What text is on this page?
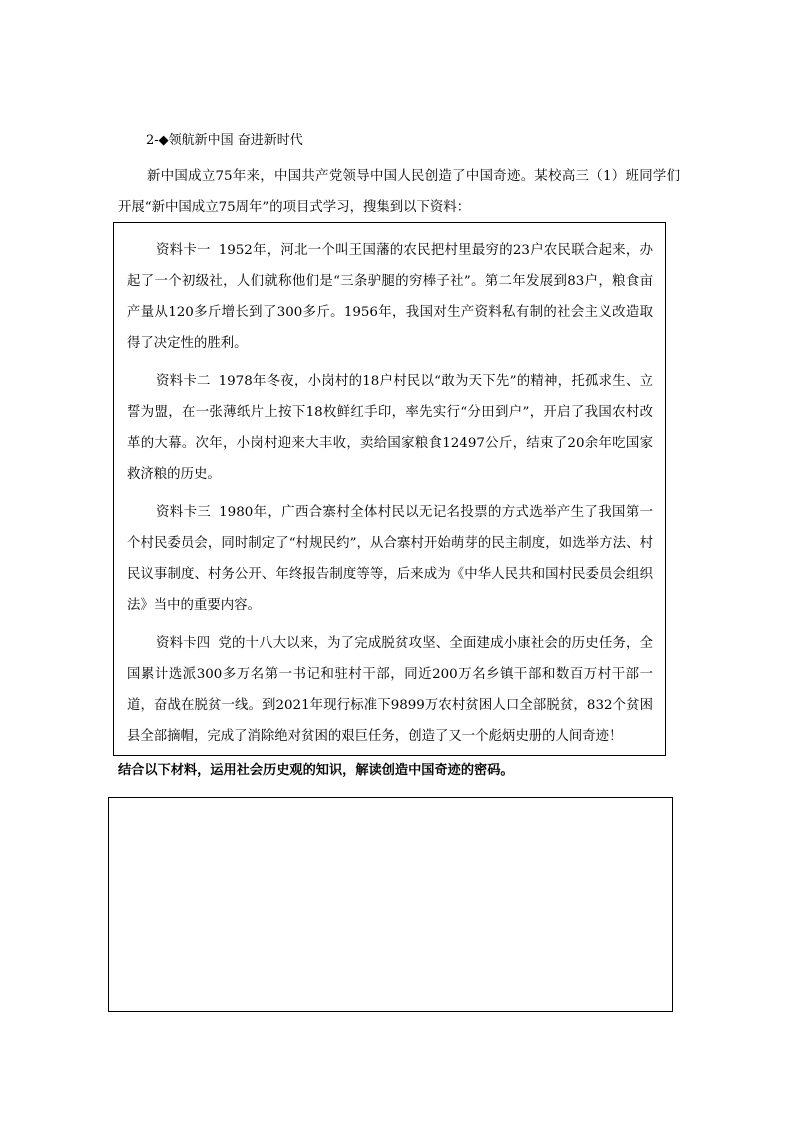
2-◆领航新中国 奋进新时代
新中国成立75年来，中国共产党领导中国人民创造了中国奇迹。某校高三（1）班同学们开展“新中国成立75周年”的项目式学习，搜集到以下资料：

资料卡一 1952年，河北一个叫王国藩的农民把村里最穷的23户农民联合起来，办起了一个初级社，人们就称他们是“三条驴腿的穷棒子社”。第二年发展到83户，粮食亩产量从120多斤增长到了300多斤。1956年，我国对生产资料私有制的社会主义改造取得了决定性的胜利。

资料卡二 1978年冬夜，小岗村的18户村民以“敢为天下先”的精神，托孤求生、立誓为盟，在一张薄纸片上按下18枚鲜红手印，率先实行“分田到户”，开启了我国农村改革的大幕。次年，小岗村迎来大丰收，卖给国家粮食12497公斤，结束了20余年吃国家救济粮的历史。

资料卡三 1980年，广西合寨村全体村民以无记名投票的方式选举产生了我国第一个村民委员会，同时制定了“村规民约”，从合寨村开始萌芽的民主制度，如选举方法、村民议事制度、村务公开、年终报告制度等等，后来成为《中华人民共和国村民委员会组织法》当中的重要内容。

资料卡四 党的十八大以来，为了完成脱贫攻坚、全面建成小康社会的历史任务，全国累计选派300多万名第一书记和驻村干部，同近200万名乡镇干部和数百万村干部一道，奋战在脱贫一线。到2021年现行标准下9899万农村贫困人口全部脱贫，832个贫困县全部摘帽，完成了消除绝对贫困的艰巨任务，创造了又一个彪炳史册的人间奇迹！

结合以下材料，运用社会历史观的知识，解读创造中国奇迹的密码。
